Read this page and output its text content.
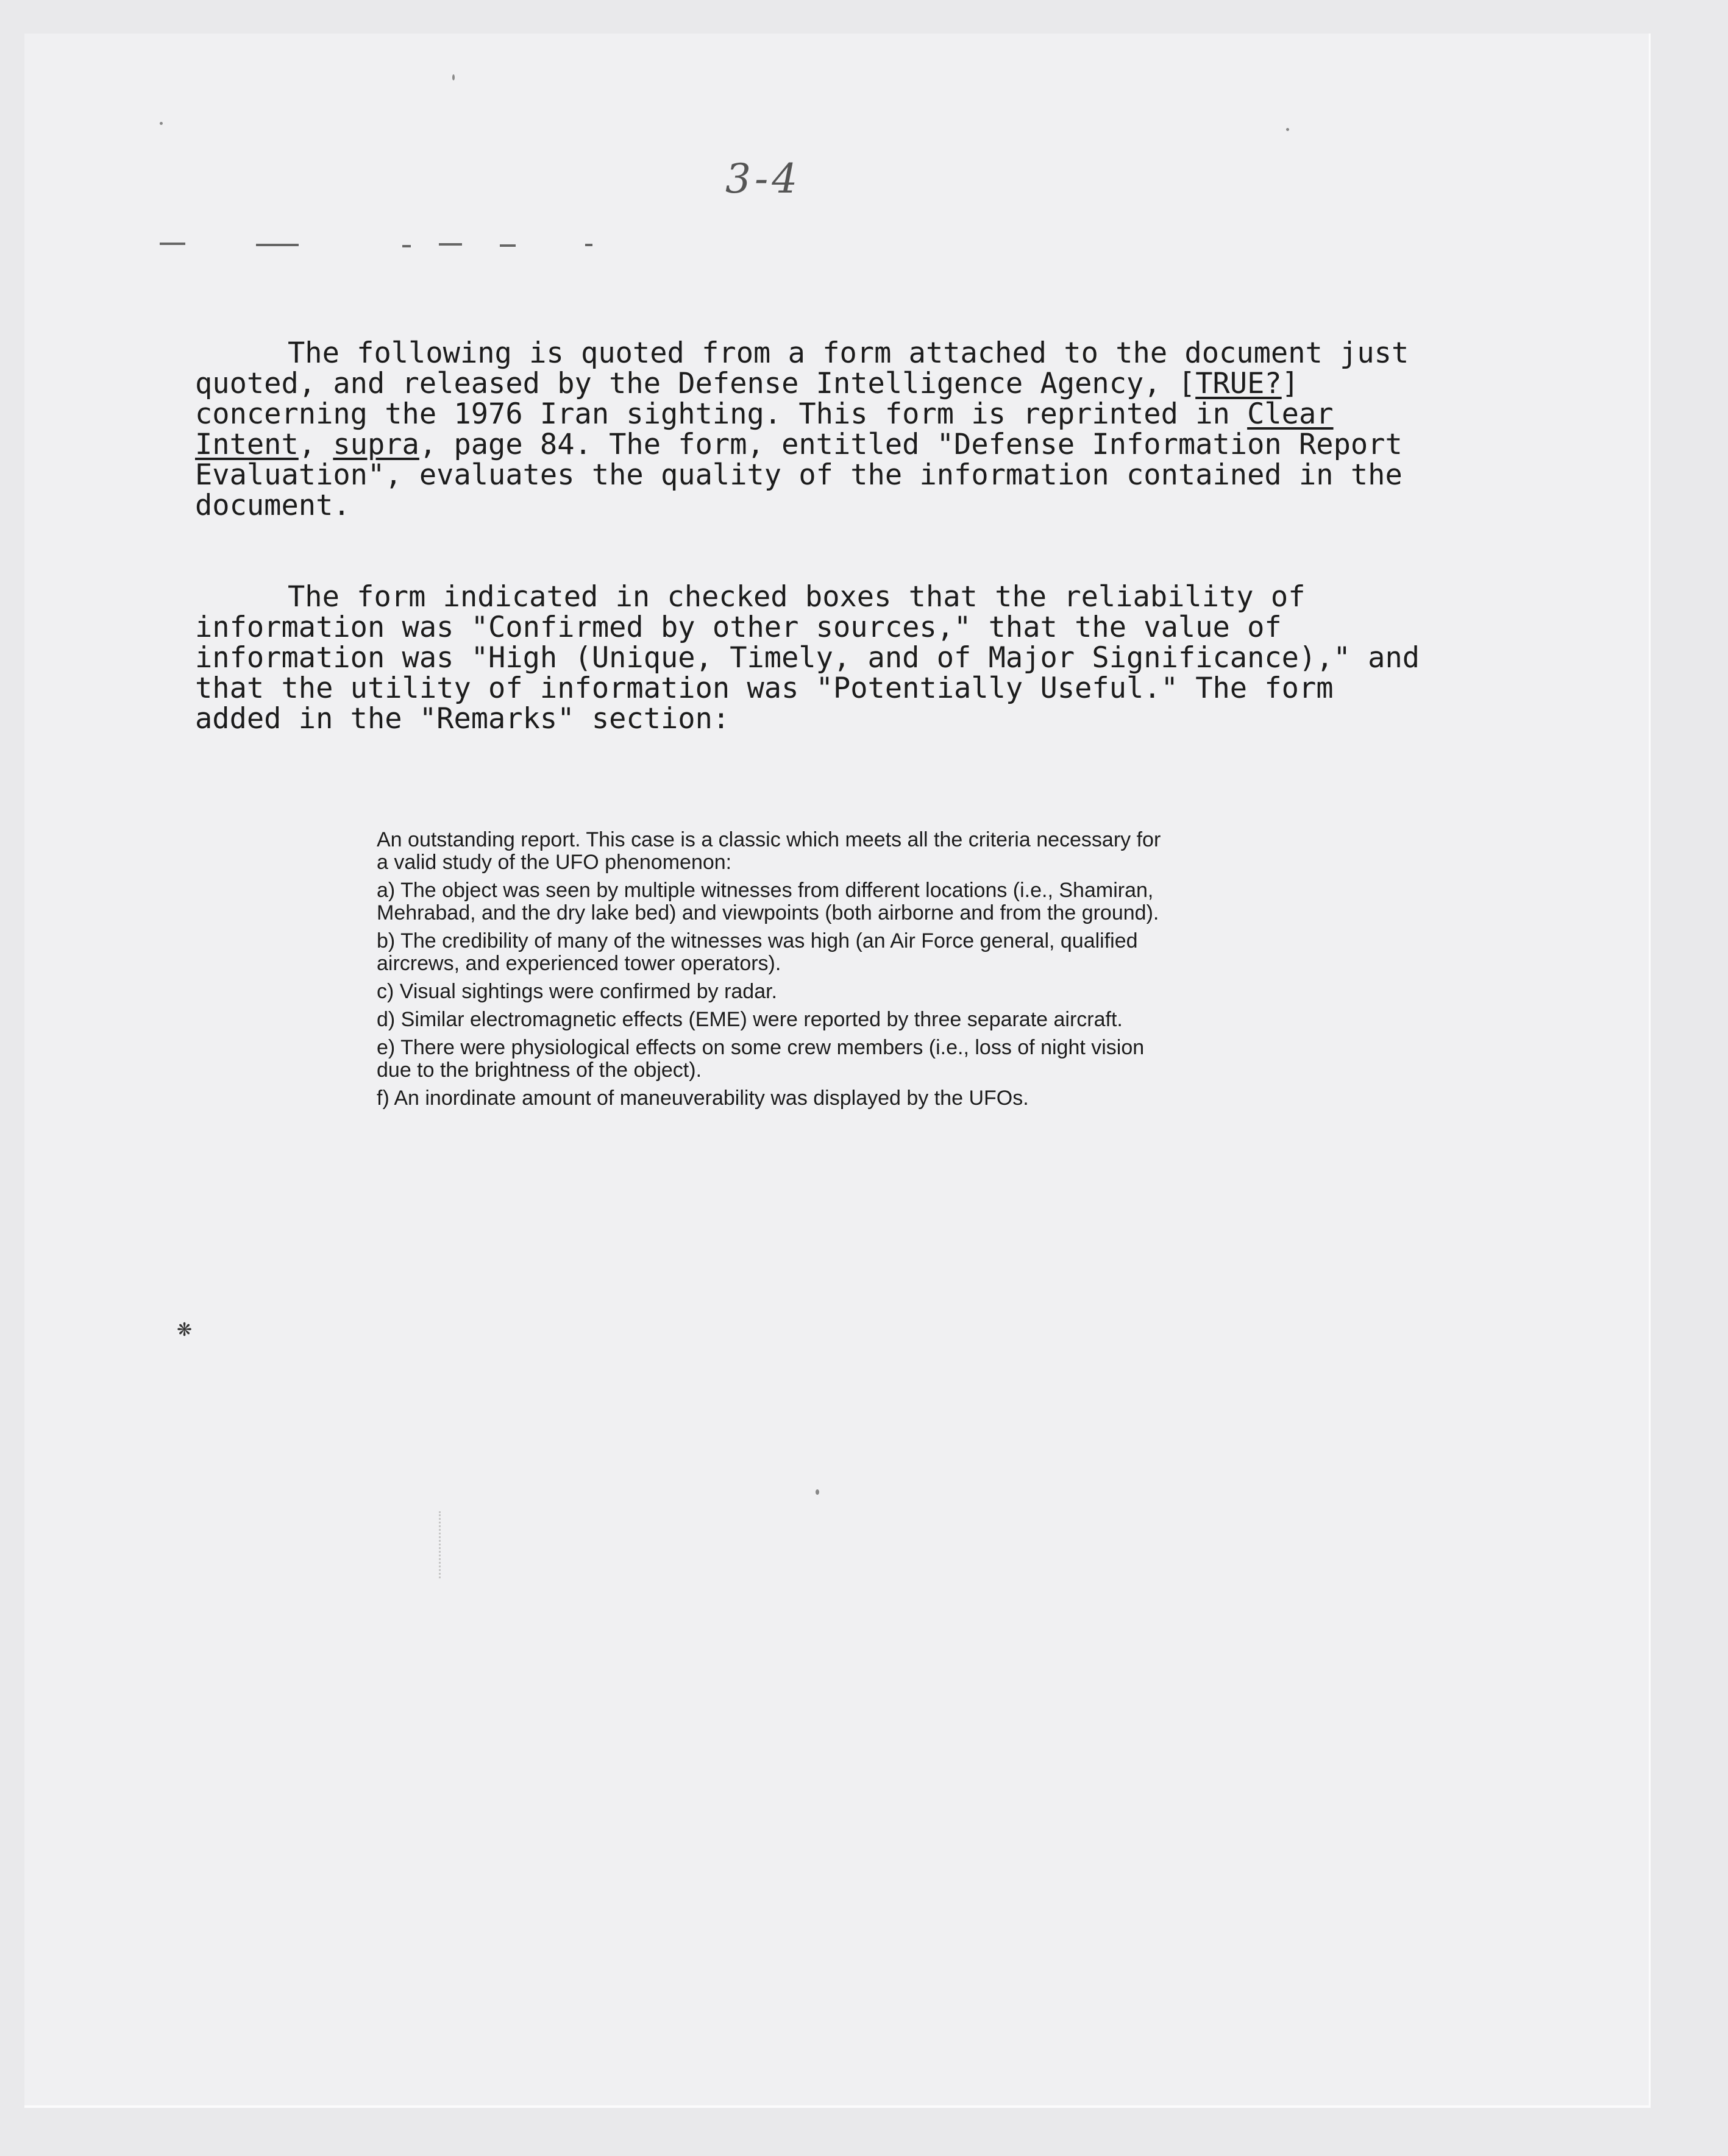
3-4

The following is quoted from a form attached to the document just quoted, and released by the Defense Intelligence Agency, [TRUE?] concerning the 1976 Iran sighting. This form is reprinted in Clear Intent, supra, page 84. The form, entitled "Defense Information Report Evaluation", evaluates the quality of the information contained in the document.

The form indicated in checked boxes that the reliability of information was "Confirmed by other sources," that the value of information was "High (Unique, Timely, and of Major Significance)," and that the utility of information was "Potentially Useful." The form added in the "Remarks" section:

An outstanding report. This case is a classic which meets all the criteria necessary for a valid study of the UFO phenomenon:

a) The object was seen by multiple witnesses from different locations (i.e., Shamiran, Mehrabad, and the dry lake bed) and viewpoints (both airborne and from the ground).

b) The credibility of many of the witnesses was high (an Air Force general, qualified aircrews, and experienced tower operators).

c) Visual sightings were confirmed by radar.

d) Similar electromagnetic effects (EME) were reported by three separate aircraft.

e) There were physiological effects on some crew members (i.e., loss of night vision due to the brightness of the object).

f) An inordinate amount of maneuverability was displayed by the UFOs.

❋
